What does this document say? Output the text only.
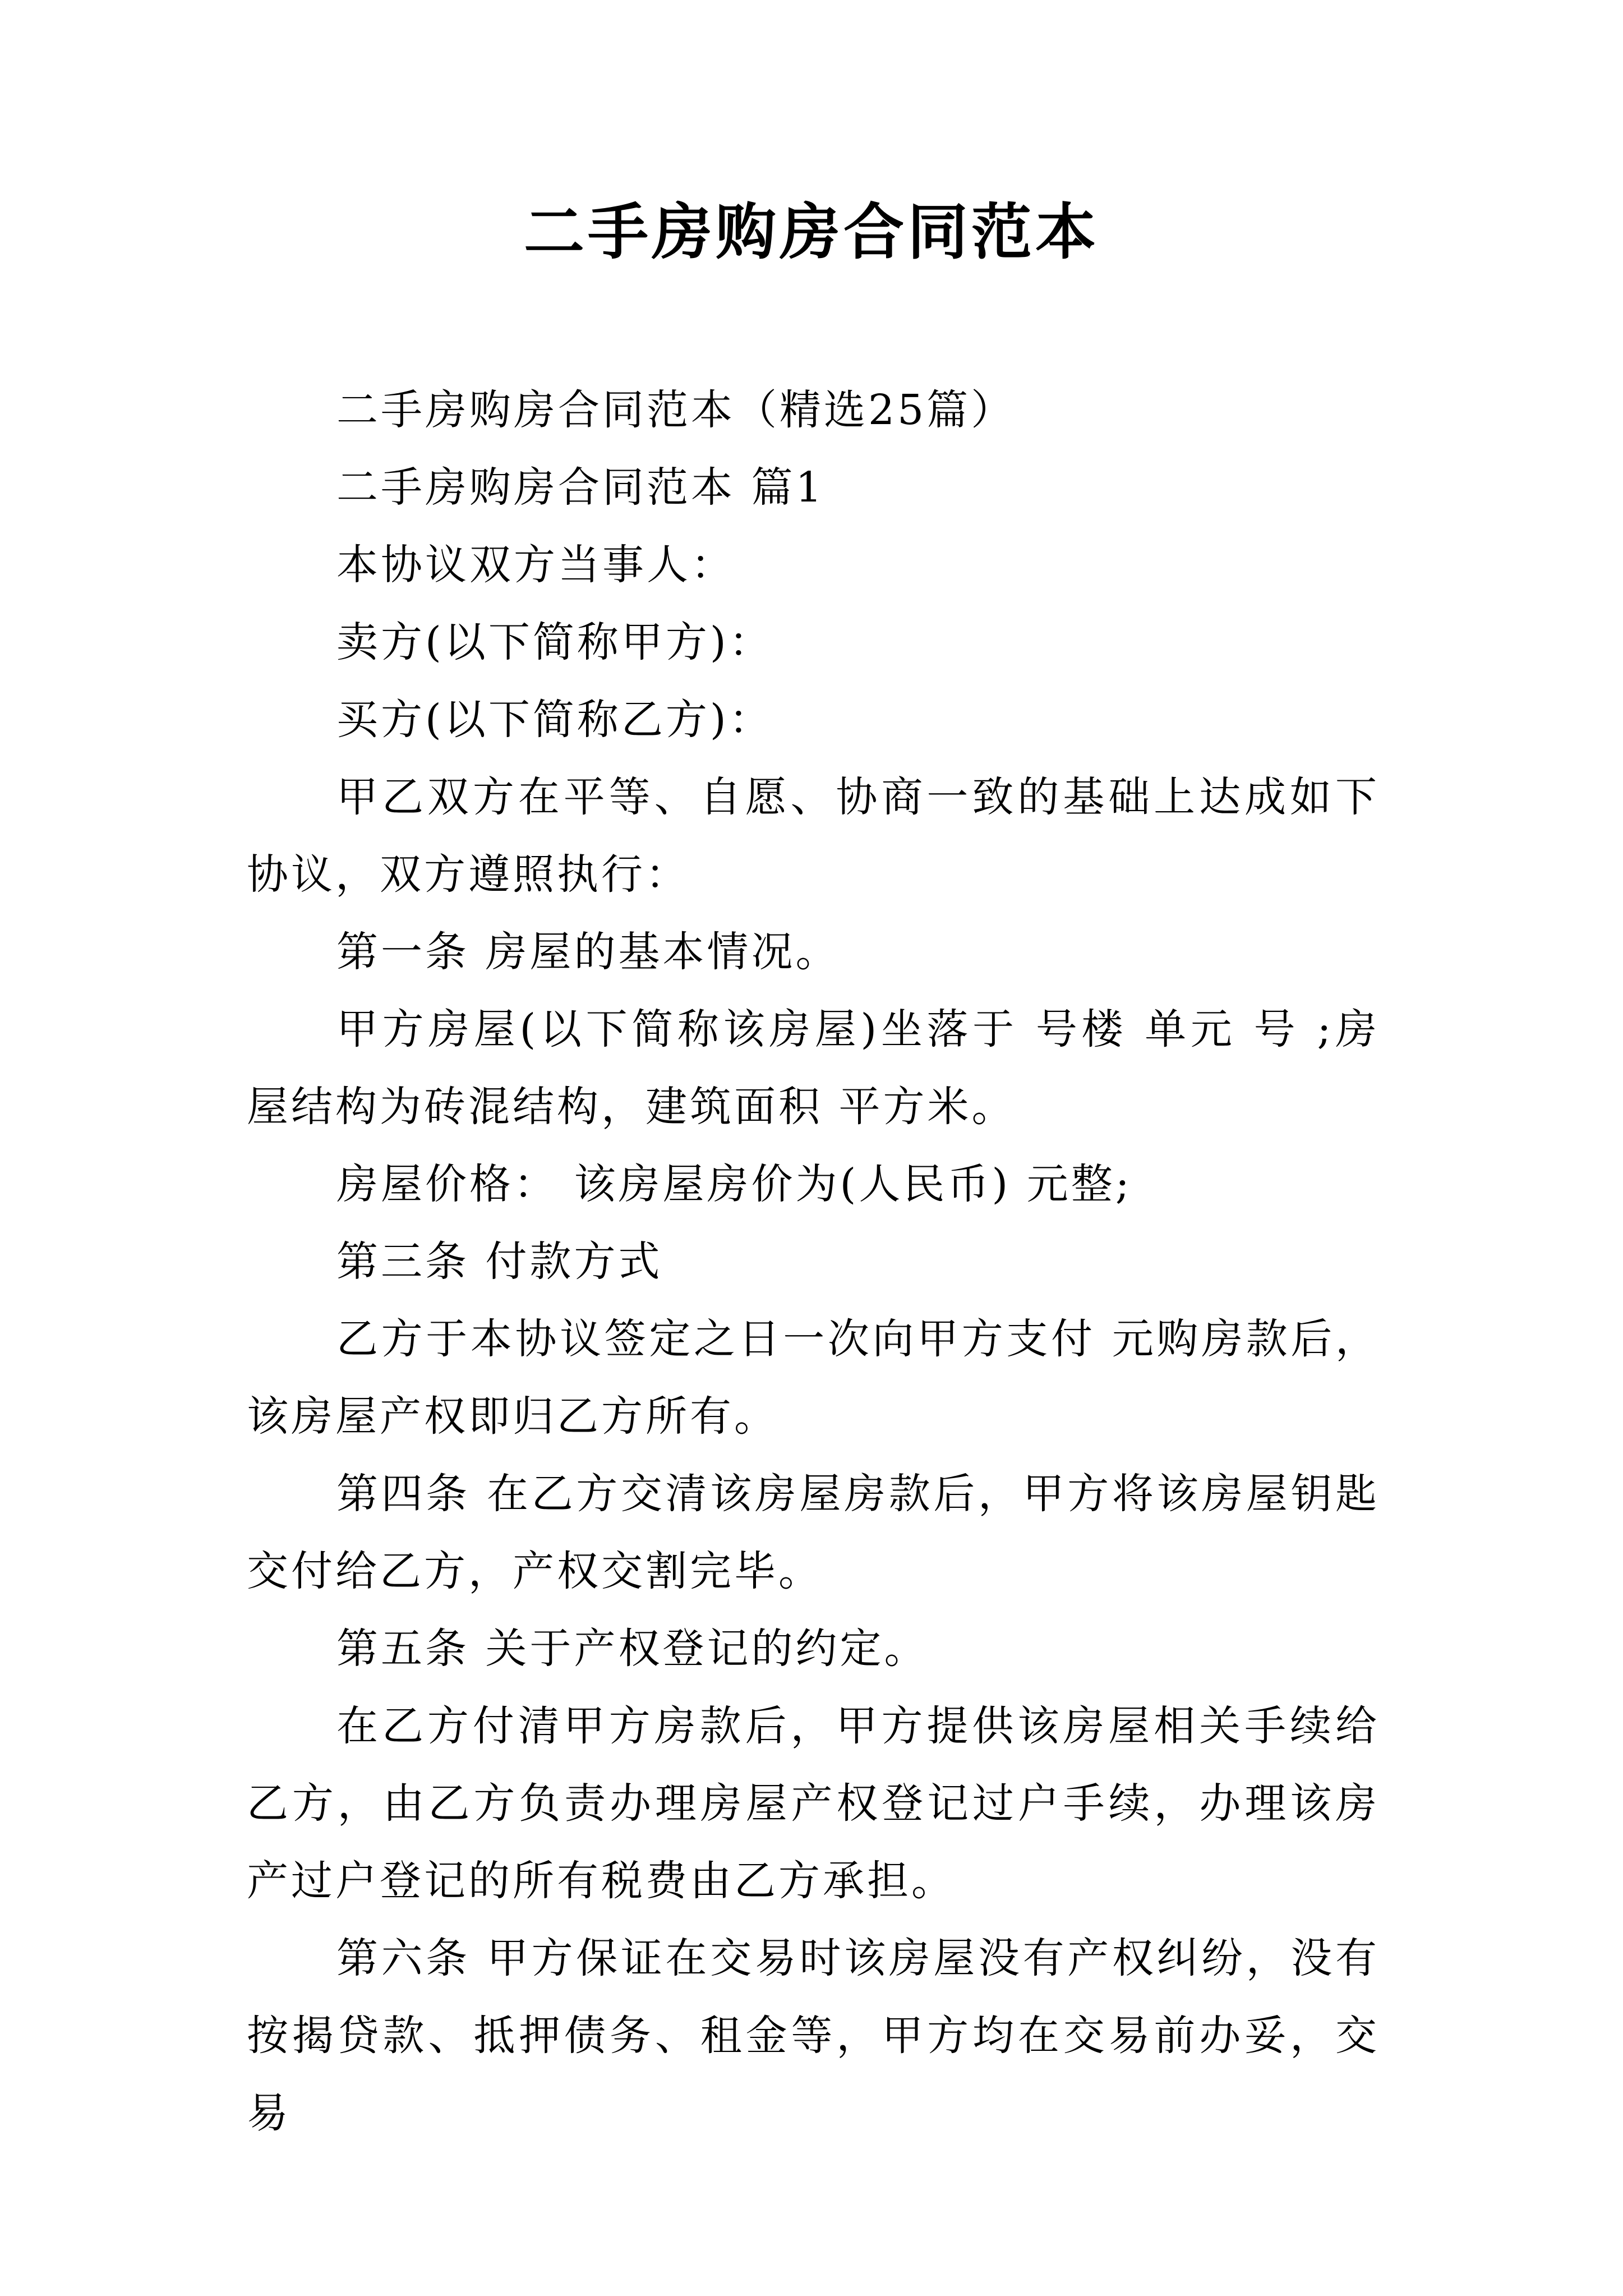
二手房购房合同范本

二手房购房合同范本（精选25篇）

二手房购房合同范本 篇1

本协议双方当事人：

卖方(以下简称甲方)：

买方(以下简称乙方)：

甲乙双方在平等、自愿、协商一致的基础上达成如下协议，双方遵照执行：

第一条 房屋的基本情况。

甲方房屋(以下简称该房屋)坐落于 号楼 单元 号 ;房屋结构为砖混结构，建筑面积 平方米。

房屋价格： 该房屋房价为(人民币) 元整;

第三条 付款方式

乙方于本协议签定之日一次向甲方支付 元购房款后，该房屋产权即归乙方所有。

第四条 在乙方交清该房屋房款后，甲方将该房屋钥匙交付给乙方，产权交割完毕。

第五条 关于产权登记的约定。

在乙方付清甲方房款后，甲方提供该房屋相关手续给乙方，由乙方负责办理房屋产权登记过户手续，办理该房产过户登记的所有税费由乙方承担。

第六条 甲方保证在交易时该房屋没有产权纠纷，没有按揭贷款、抵押债务、租金等，甲方均在交易前办妥，交易
